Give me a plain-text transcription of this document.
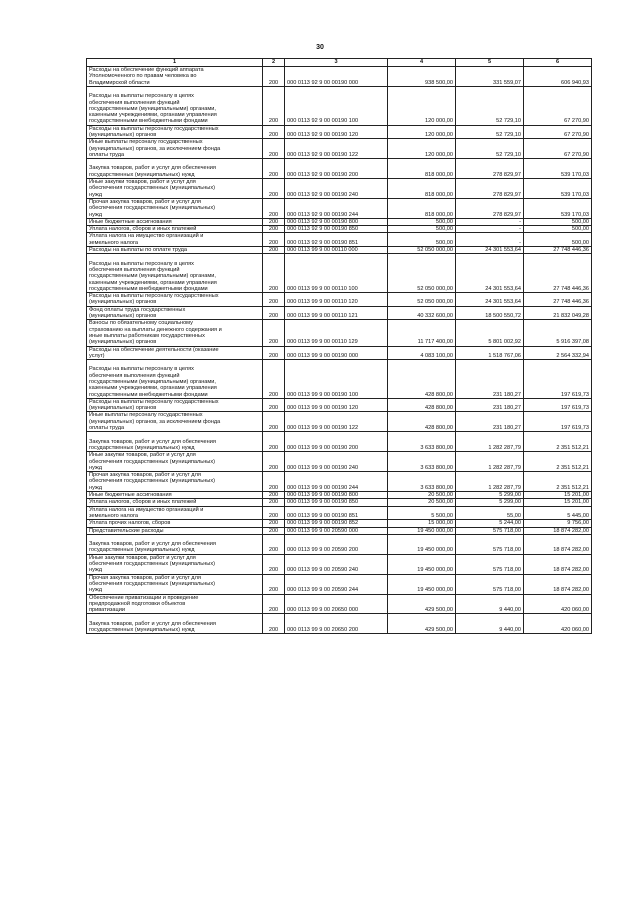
30
1	2	3	4	5	6
Расходы на обеспечение функций аппарата
Уполномоченного по правам человека во
Владимирской области	200	000 0113 92 9 00 00190 000	938 500,00	331 559,07	606 940,93

Расходы на выплаты персоналу в целях
обеспечения выполнения функций
государственными (муниципальными) органами,
казенными учреждениями, органами управления
государственными внебюджетными фондами	200	000 0113 92 9 00 00190 100	120 000,00	52 729,10	67 270,90
Расходы на выплаты персоналу государственных
(муниципальных) органов	200	000 0113 92 9 00 00190 120	120 000,00	52 729,10	67 270,90
Иные выплаты персоналу государственных
(муниципальных) органов, за исключением фонда
оплаты труда	200	000 0113 92 9 00 00190 122	120 000,00	52 729,10	67 270,90

Закупка товаров, работ и услуг для обеспечения
государственных (муниципальных) нужд	200	000 0113 92 9 00 00190 200	818 000,00	278 829,97	539 170,03
Иные закупки товаров, работ и услуг для
обеспечения государственных (муниципальных)
нужд	200	000 0113 92 9 00 00190 240	818 000,00	278 829,97	539 170,03
Прочая закупка товаров, работ и услуг для
обеспечения государственных (муниципальных)
нужд	200	000 0113 92 9 00 00190 244	818 000,00	278 829,97	539 170,03
Иные бюджетные ассигнования	200	000 0113 92 9 00 00190 800	500,00	-	500,00
Уплата налогов, сборов и иных платежей	200	000 0113 92 9 00 00190 850	500,00	-	500,00
Уплата налога на имущество организаций и
земельного налога	200	000 0113 92 9 00 00190 851	500,00	-	500,00
Расходы на выплаты по оплате труда	200	000 0113 99 9 00 00110 000	52 050 000,00	24 301 553,64	27 748 446,36

Расходы на выплаты персоналу в целях
обеспечения выполнения функций
государственными (муниципальными) органами,
казенными учреждениями, органами управления
государственными внебюджетными фондами	200	000 0113 99 9 00 00110 100	52 050 000,00	24 301 553,64	27 748 446,36
Расходы на выплаты персоналу государственных
(муниципальных) органов	200	000 0113 99 9 00 00110 120	52 050 000,00	24 301 553,64	27 748 446,36
Фонд оплаты труда государственных
(муниципальных) органов	200	000 0113 99 9 00 00110 121	40 332 600,00	18 500 550,72	21 832 049,28
Взносы по обязательному социальному
страхованию на выплаты денежного содержания и
иные выплаты работникам государственных
(муниципальных) органов	200	000 0113 99 9 00 00110 129	11 717 400,00	5 801 002,92	5 916 397,08
Расходы на обеспечение деятельности (оказание
услуг)	200	000 0113 99 9 00 00190 000	4 083 100,00	1 518 767,06	2 564 332,94

Расходы на выплаты персоналу в целях
обеспечения выполнения функций
государственными (муниципальными) органами,
казенными учреждениями, органами управления
государственными внебюджетными фондами	200	000 0113 99 9 00 00190 100	428 800,00	231 180,27	197 619,73
Расходы на выплаты персоналу государственных
(муниципальных) органов	200	000 0113 99 9 00 00190 120	428 800,00	231 180,27	197 619,73
Иные выплаты персоналу государственных
(муниципальных) органов, за исключением фонда
оплаты труда	200	000 0113 99 9 00 00190 122	428 800,00	231 180,27	197 619,73

Закупка товаров, работ и услуг для обеспечения
государственных (муниципальных) нужд	200	000 0113 99 9 00 00190 200	3 633 800,00	1 282 287,79	2 351 512,21
Иные закупки товаров, работ и услуг для
обеспечения государственных (муниципальных)
нужд	200	000 0113 99 9 00 00190 240	3 633 800,00	1 282 287,79	2 351 512,21
Прочая закупка товаров, работ и услуг для
обеспечения государственных (муниципальных)
нужд	200	000 0113 99 9 00 00190 244	3 633 800,00	1 282 287,79	2 351 512,21
Иные бюджетные ассигнования	200	000 0113 99 9 00 00190 800	20 500,00	5 299,00	15 201,00
Уплата налогов, сборов и иных платежей	200	000 0113 99 9 00 00190 850	20 500,00	5 299,00	15 201,00
Уплата налога на имущество организаций и
земельного налога	200	000 0113 99 9 00 00190 851	5 500,00	55,00	5 445,00
Уплата прочих налогов, сборов	200	000 0113 99 9 00 00190 852	15 000,00	5 244,00	9 756,00
Представительские расходы	200	000 0113 99 9 00 20590 000	19 450 000,00	575 718,00	18 874 282,00

Закупка товаров, работ и услуг для обеспечения
государственных (муниципальных) нужд	200	000 0113 99 9 00 20590 200	19 450 000,00	575 718,00	18 874 282,00
Иные закупки товаров, работ и услуг для
обеспечения государственных (муниципальных)
нужд	200	000 0113 99 9 00 20590 240	19 450 000,00	575 718,00	18 874 282,00
Прочая закупка товаров, работ и услуг для
обеспечения государственных (муниципальных)
нужд	200	000 0113 99 9 00 20590 244	19 450 000,00	575 718,00	18 874 282,00
Обеспечение приватизации и проведение
предпродажной подготовки объектов
приватизации	200	000 0113 99 9 00 20650 000	429 500,00	9 440,00	420 060,00

Закупка товаров, работ и услуг для обеспечения
государственных (муниципальных) нужд	200	000 0113 99 9 00 20650 200	429 500,00	9 440,00	420 060,00
